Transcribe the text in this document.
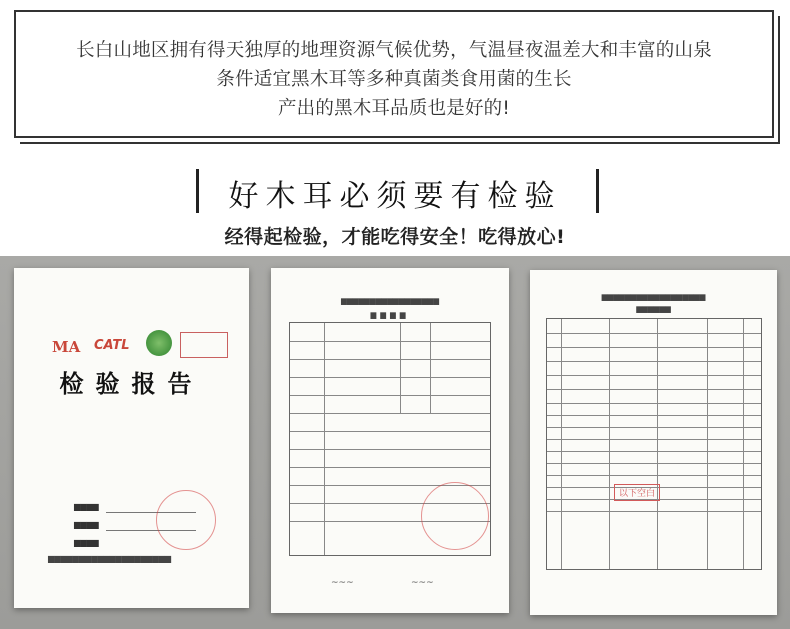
长白山地区拥有得天独厚的地理资源气候优势，气温昼夜温差大和丰富的山泉
条件适宜黑木耳等多种真菌类食用菌的生长
产出的黑木耳品质也是好的!
好木耳必须要有检验
经得起检验，才能吃得安全！吃得放心!
MA CATL
检验报告
▆▆▆▆
▆▆▆▆
▆▆▆▆
▆▆▆▆▆▆▆▆▆▆▆▆▆▆▆▆▆▆▆▆
▆▆▆▆▆▆▆▆▆▆▆▆▆▆▆▆▆
▆▆▆▆
~~~	~~~
▆▆▆▆▆▆▆▆▆▆▆▆▆▆▆▆▆▆
▆▆▆▆▆▆
以下空白
